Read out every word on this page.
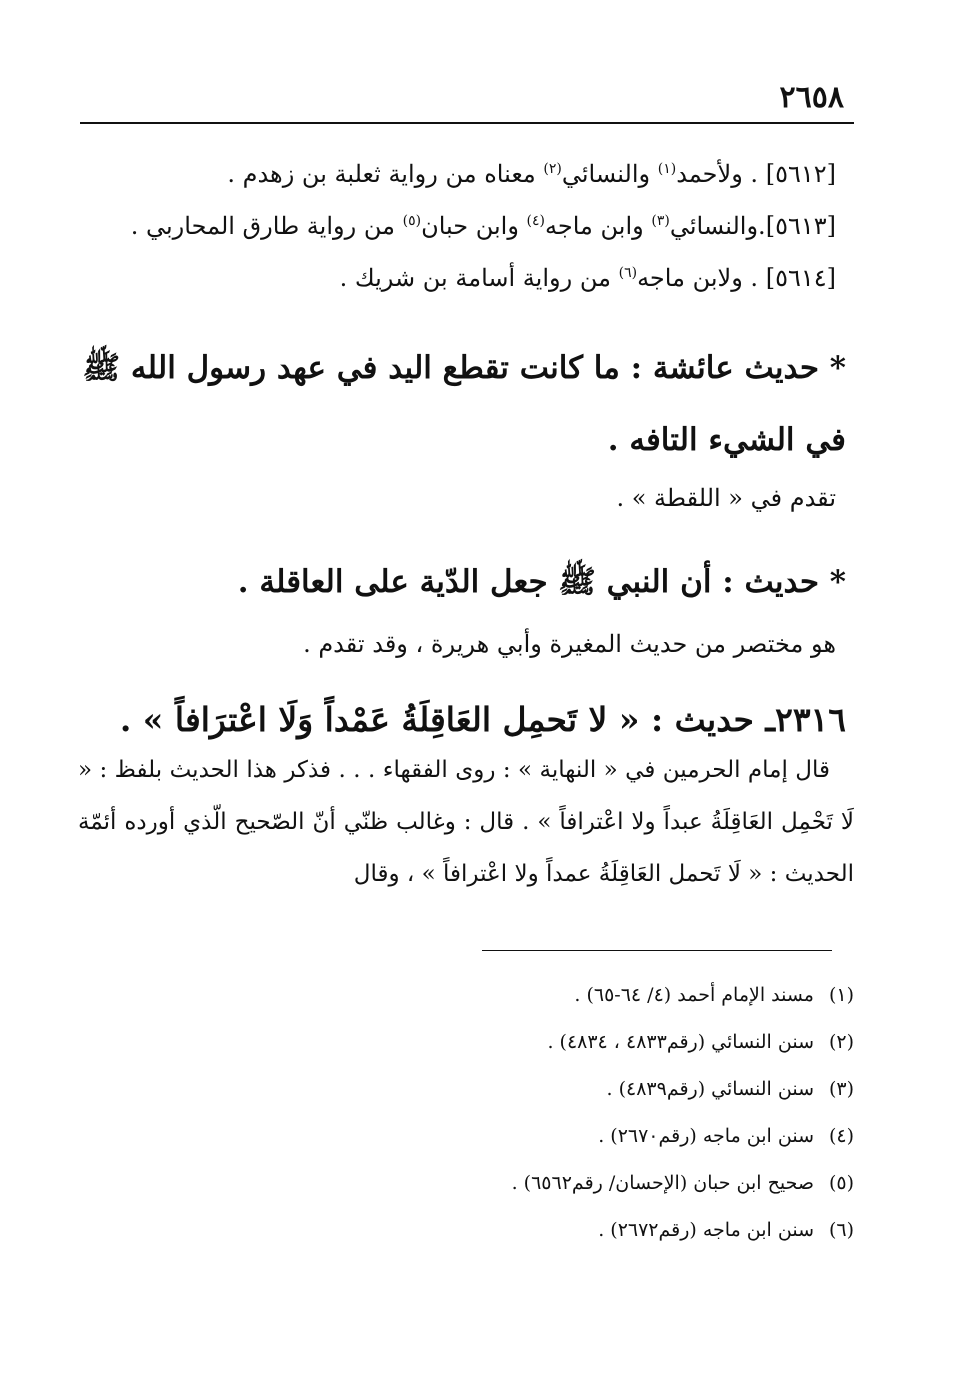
٢٦٥٨
[٥٦١٢] . ولأحمد$^{(١)}$ والنسائي$^{(٢)}$ معناه من رواية ثعلبة بن زهدم .
[٥٦١٣].والنسائي$^{(٣)}$ وابن ماجه$^{(٤)}$ وابن حبان$^{(٥)}$ من رواية طارق المحاربي .
[٥٦١٤] . ولابن ماجه$^{(٦)}$ من رواية أسامة بن شريك .
* حديث عائشة : ما كانت تقطع اليد في عهد رسول الله ﷺ في الشيء التافه .
تقدم في « اللقطة » .
* حديث : أن النبي ﷺ جعل الدّية على العاقلة .
هو مختصر من حديث المغيرة وأبي هريرة ، وقد تقدم .
٢٣١٦ـ حديث : « لا تَحمِل العَاقِلَةُ عَمْداً وَلَا اعْترَافاً » .
قال إمام الحرمين في « النهاية » : روى الفقهاء . . . فذكر هذا الحديث بلفظ : « لَا تَحْمِل العَاقِلَةُ عبداً ولا اعْترافاً » . قال : وغالب ظنّي أنّ الصّحيح الّذي أورده أئمّة الحديث : « لَا تَحمل العَاقِلَةُ عمداً ولا اعْترافاً » ، وقال
(١)مسند الإمام أحمد (٤/ ٦٤-٦٥) .
(٢)سنن النسائي (رقم٤٨٣٣ ، ٤٨٣٤) .
(٣)سنن النسائي (رقم٤٨٣٩) .
(٤)سنن ابن ماجه (رقم٢٦٧٠) .
(٥)صحيح ابن حبان (الإحسان/ رقم٦٥٦٢) .
(٦)سنن ابن ماجه (رقم٢٦٧٢) .
